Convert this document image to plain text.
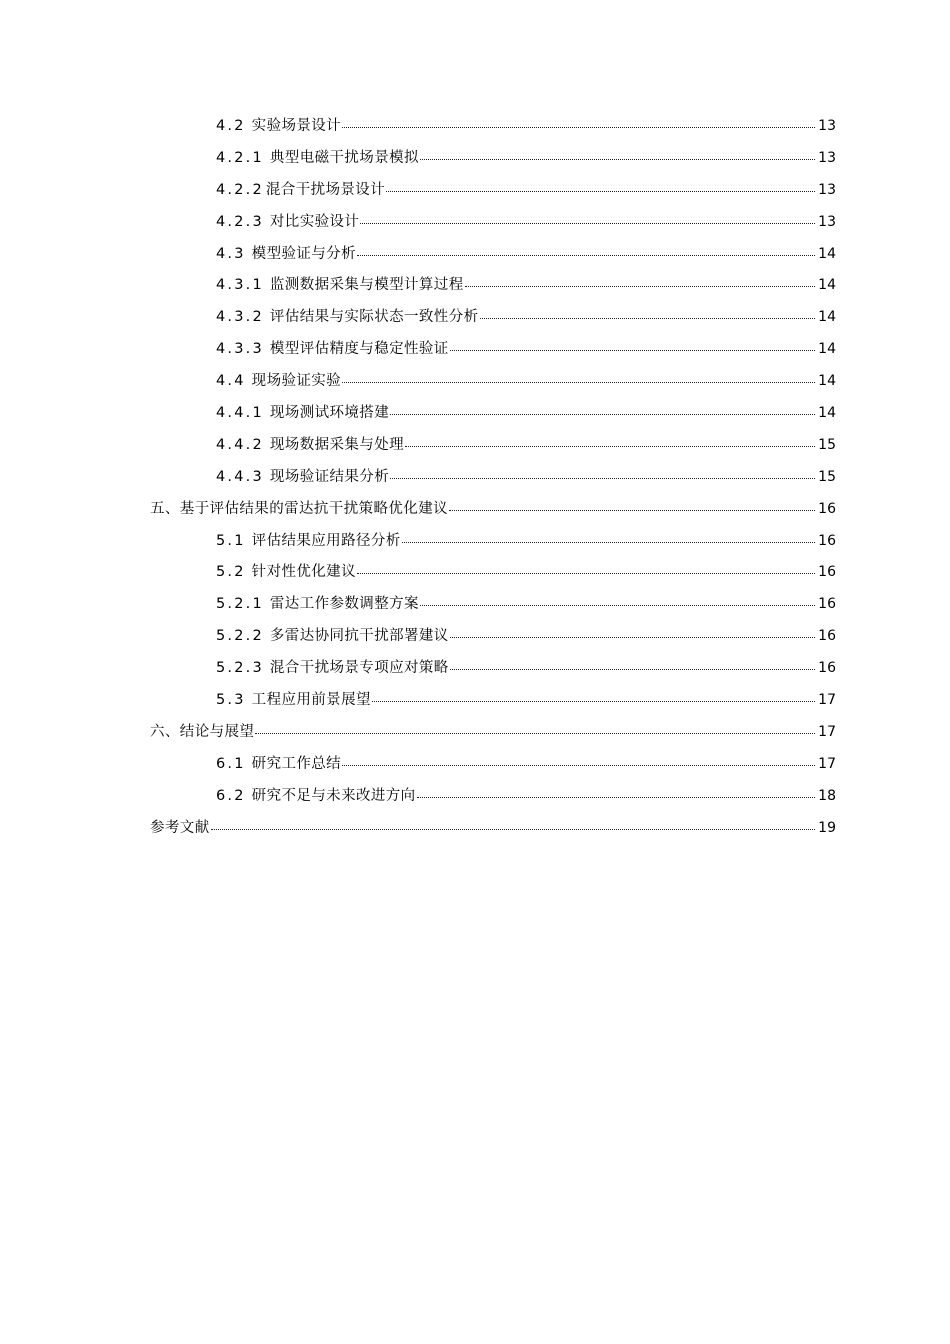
4.2 实验场景设计	13
4.2.1 典型电磁干扰场景模拟	13
4.2.2 混合干扰场景设计	13
4.2.3 对比实验设计	13
4.3 模型验证与分析	14
4.3.1 监测数据采集与模型计算过程	14
4.3.2 评估结果与实际状态一致性分析	14
4.3.3 模型评估精度与稳定性验证	14
4.4 现场验证实验	14
4.4.1 现场测试环境搭建	14
4.4.2 现场数据采集与处理	15
4.4.3 现场验证结果分析	15
五、基于评估结果的雷达抗干扰策略优化建议	16
5.1 评估结果应用路径分析	16
5.2 针对性优化建议	16
5.2.1 雷达工作参数调整方案	16
5.2.2 多雷达协同抗干扰部署建议	16
5.2.3 混合干扰场景专项应对策略	16
5.3 工程应用前景展望	17
六、结论与展望	17
6.1 研究工作总结	17
6.2 研究不足与未来改进方向	18
参考文献	19
